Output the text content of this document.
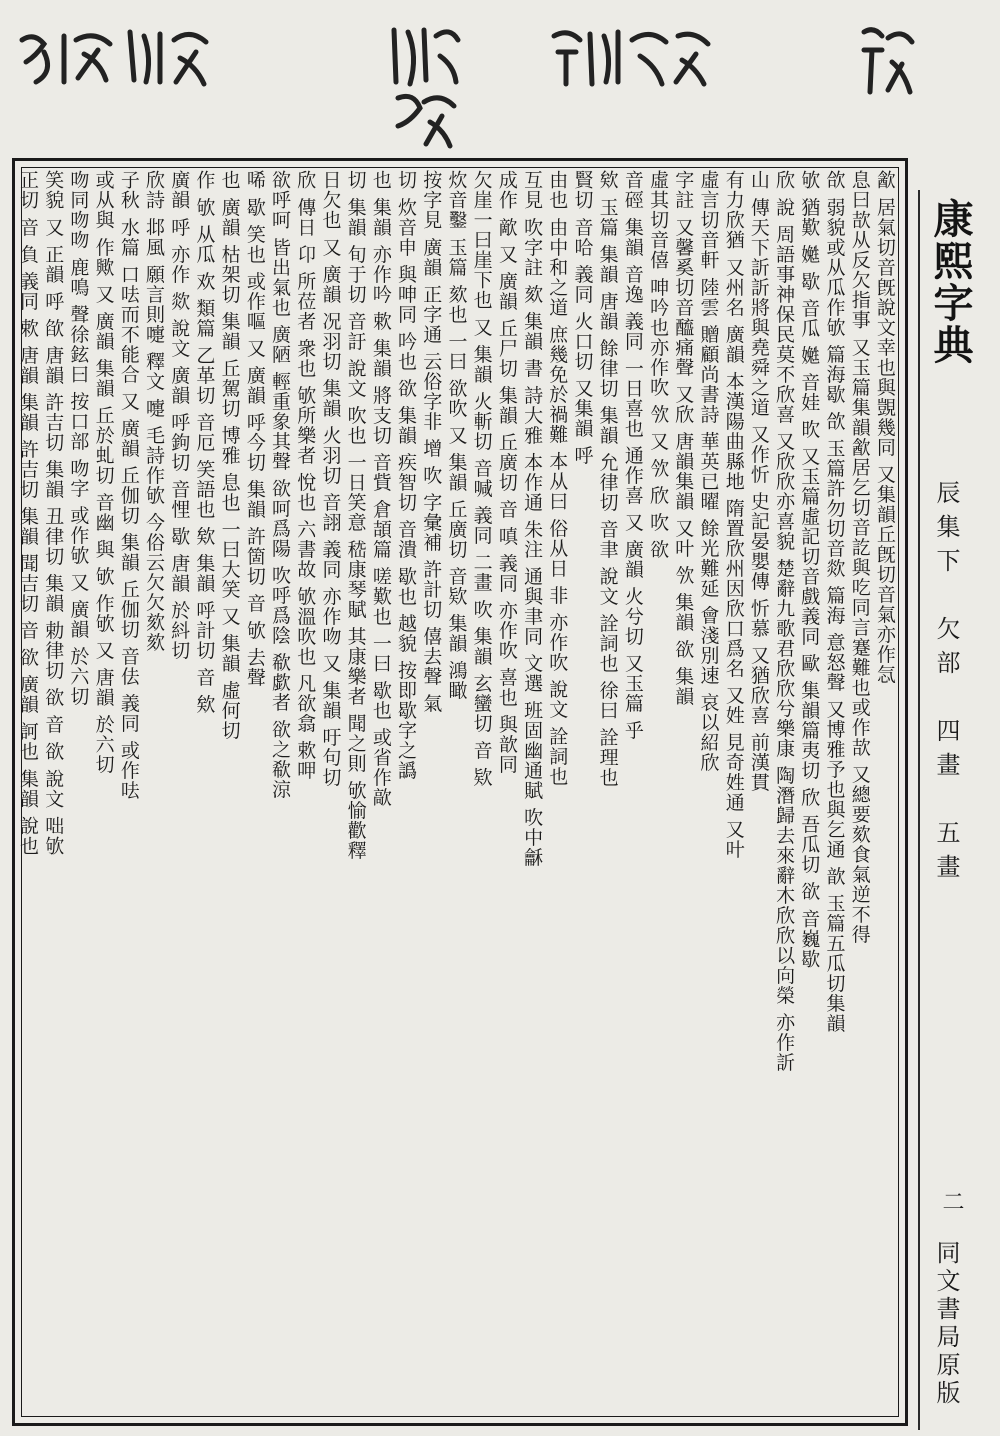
㱃 居氣切音旣說文幸也與覬幾同 又集韻丘旣切音氣亦作忥
息曰欯从反欠指事 又玉篇集韻㱃居乞切音訖與吃同言蹇難也或作欯 又總要欬食氣逆不得
欱 弱貌或从瓜作欨 篇海歇 欱 玉篇許勿切音欻 篇海 意怒聲 又博雅予也與乞通 歆 玉篇五瓜切集韻
欨 猶歎 嬔 歇 音瓜 嬔 音娃 欥 又玉篇虛記切音戲義同 歐 集韻篇夷切 欣 吾瓜切 欲 音巍歇
欣 說 周語事神保民莫不欣喜 又欣欣亦喜貌 楚辭九歌君欣欣兮樂康 陶潛歸去來辭木欣欣以向榮 亦作訢
山 傳天下訢訢將與堯舜之道 又作忻 史記晏嬰傳 忻慕 又猶欣喜 前漢貫
有力欣猶 又州名 廣韻 本漢陽曲縣地 隋置欣州因欣口爲名 又姓 見奇姓通 又叶
虛言切音軒 陸雲 贈顧尚書詩 華英已曜 餘光難延 會淺別速 哀以紹欣
字註 又馨奚切音醯痛聲 又欣 唐韻集韻 又叶 欦 集韻 欲 集韻
虛其切音僖 呻吟也亦作吹 欦 又 欦 欣 吹 欲
音硜 集韻 音逸 義同 一日喜也 通作喜 又 廣韻 火兮切 又玉篇 乎
欸 玉篇 集韻 唐韻 餘律切 集韻 允律切 音聿 說文 詮詞也 徐曰 詮理也
賢切 音哈 義同 火口切 又集韻 呼
由也 由中和之道 庶幾免於禍難 本从曰 俗从日 非 亦作吹 說文 詮詞也
互見 吹字註 欬 集韻 書 詩大雅 本作通 朱注 通與聿同 文選 班固幽通賦 吹中龢
成作 歒 又 廣韻 丘尸切 集韻 丘廣切 音 嗔 義同 亦作吹 喜也 與歆同
欠崖一曰崖下也 又 集韻 火斬切 音喊 義同 二畫 吹 集韻 玄蠻切 音 欵
炊音鑿 玉篇 欬也 一曰 欲吹 又 集韻 丘廣切 音欵 集韻 鴻瞰
按字見 廣韻 正字通 云俗字非 增 吹 字彙補 許計切 僖去聲 氣
切 炊音申 與呻同 吟也 欲 集韻 疾智切 音潰 歇也 越貌 按即歇字之譌
也 集韻 亦作吟 欶 集韻 將支切 音貲 倉頡篇 嗟歎也 一曰 歇也 或省作歊
切 集韻 旬于切 音訏 說文 吹也 一日笑意 嵇康琴賦 其康樂者 聞之則 欨愉歡釋
日欠也 又 廣韻 况羽切 集韻 火羽切 音詡 義同 亦作吻 又 集韻 吁句切
欣 傳日 卬 所莅者 衆也 欨所樂者 悅也 六書故 欨溫吹也 凡欲翕 欶呷
欲呼呵 皆出氣也 廣陋 輕重象其聲 欲呵爲陽 吹呼爲陰 欷歔者 欲之欷涼
唏 歇 笑也 或作嘔 又 廣韻 呼今切 集韻 許箇切 音 欨 去聲
也 廣韻 枯架切 集韻 丘駕切 博雅 息也 一曰大笑 又 集韻 虛何切
作 欨 从瓜 欢 類篇 乙革切 音厄 笑語也 欸 集韻 呼計切 音 欸
廣韻 呼 亦作 欻 說文 廣韻 呼鉤切 音悝 歇 唐韻 於紏切
欣詩 邶風 願言則嚏 釋文 嚏 毛詩作欨 今俗云欠欠欬欬
子秋 水篇 口呿而不能合 又 廣韻 丘伽切 集韻 丘伽切 音佉 義同 或作呿
或从與 作歟 又 廣韻 集韻 丘於虬切 音幽 與 欨 作欨 又 唐韻 於六切
吻同吻吻 鹿鳴 聲徐鉉曰 按口部 吻字 或作欨 又 廣韻 於六切
笑貌 又 正韻 呼 欿 唐韻 許吉切 集韻 丑律切 集韻 勅律切 欲 音 欲 說文 咄欨
正切 音 負 義同 欶 唐韻 集韻 許吉切 集韻 聞吉切 音 欲 廣韻 訶也 集韻 說也	康熙字典
辰集下　欠部　四畫　五畫
二
同文書局原版
